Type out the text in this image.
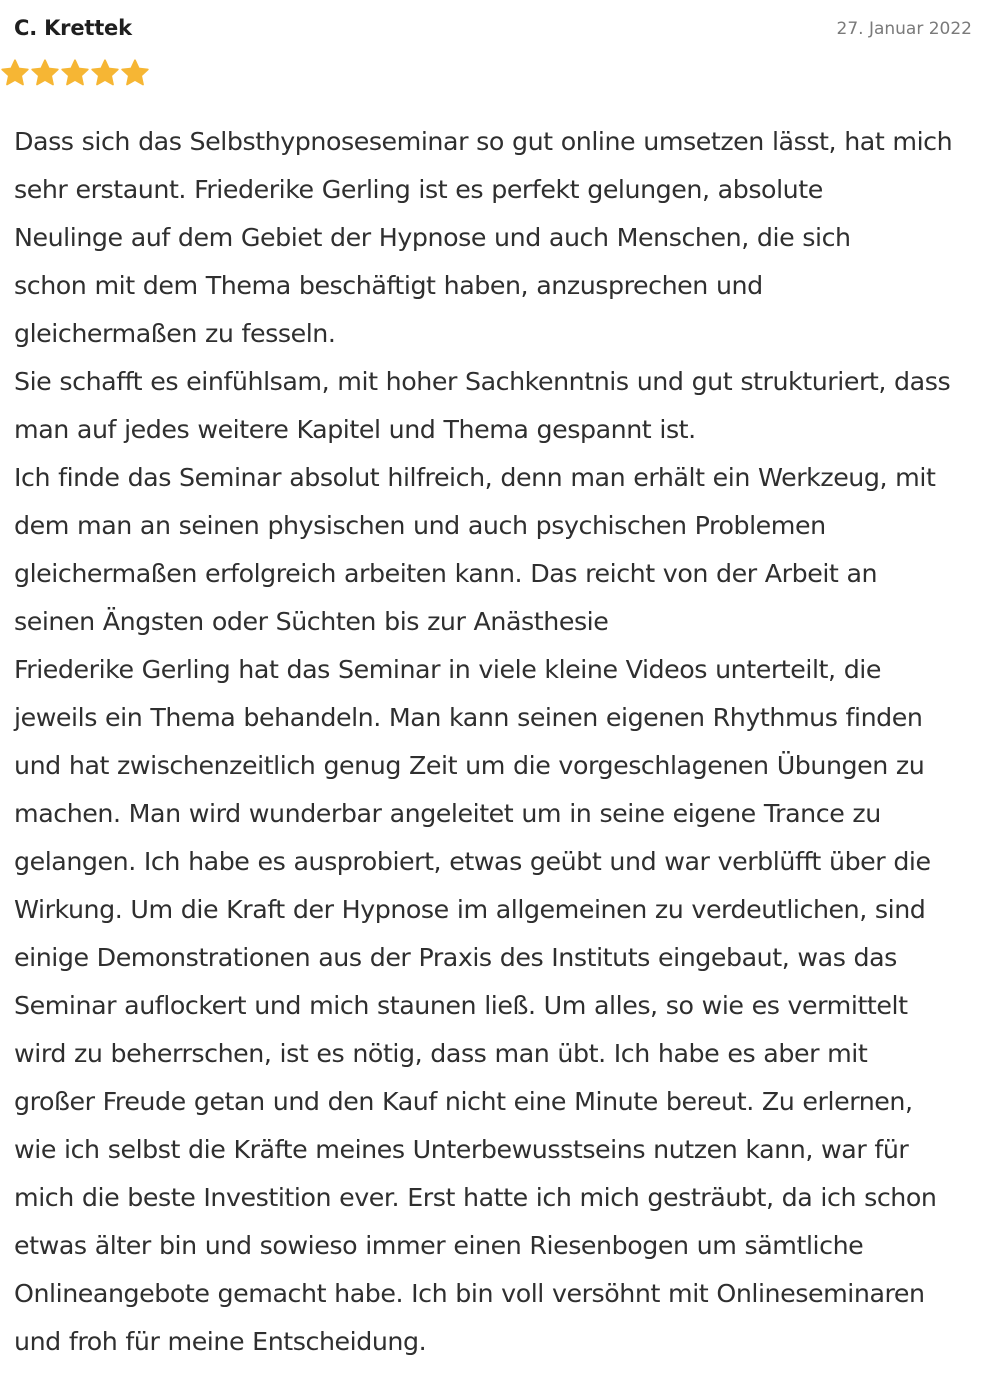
C. Krettek	27. Januar 2022

Dass sich das Selbsthypnoseseminar so gut online umsetzen lässt, hat mich
sehr erstaunt. Friederike Gerling ist es perfekt gelungen, absolute
Neulinge auf dem Gebiet der Hypnose und auch Menschen, die sich
schon mit dem Thema beschäftigt haben, anzusprechen und
gleichermaßen zu fesseln.

Sie schafft es einfühlsam, mit hoher Sachkenntnis und gut strukturiert, dass
man auf jedes weitere Kapitel und Thema gespannt ist.

Ich finde das Seminar absolut hilfreich, denn man erhält ein Werkzeug, mit
dem man an seinen physischen und auch psychischen Problemen
gleichermaßen erfolgreich arbeiten kann. Das reicht von der Arbeit an
seinen Ängsten oder Süchten bis zur Anästhesie

Friederike Gerling hat das Seminar in viele kleine Videos unterteilt, die
jeweils ein Thema behandeln. Man kann seinen eigenen Rhythmus finden
und hat zwischenzeitlich genug Zeit um die vorgeschlagenen Übungen zu
machen. Man wird wunderbar angeleitet um in seine eigene Trance zu
gelangen. Ich habe es ausprobiert, etwas geübt und war verblüfft über die
Wirkung. Um die Kraft der Hypnose im allgemeinen zu verdeutlichen, sind
einige Demonstrationen aus der Praxis des Instituts eingebaut, was das
Seminar auflockert und mich staunen ließ. Um alles, so wie es vermittelt
wird zu beherrschen, ist es nötig, dass man übt. Ich habe es aber mit
großer Freude getan und den Kauf nicht eine Minute bereut. Zu erlernen,
wie ich selbst die Kräfte meines Unterbewusstseins nutzen kann, war für
mich die beste Investition ever. Erst hatte ich mich gesträubt, da ich schon
etwas älter bin und sowieso immer einen Riesenbogen um sämtliche
Onlineangebote gemacht habe. Ich bin voll versöhnt mit Onlineseminaren
und froh für meine Entscheidung.
